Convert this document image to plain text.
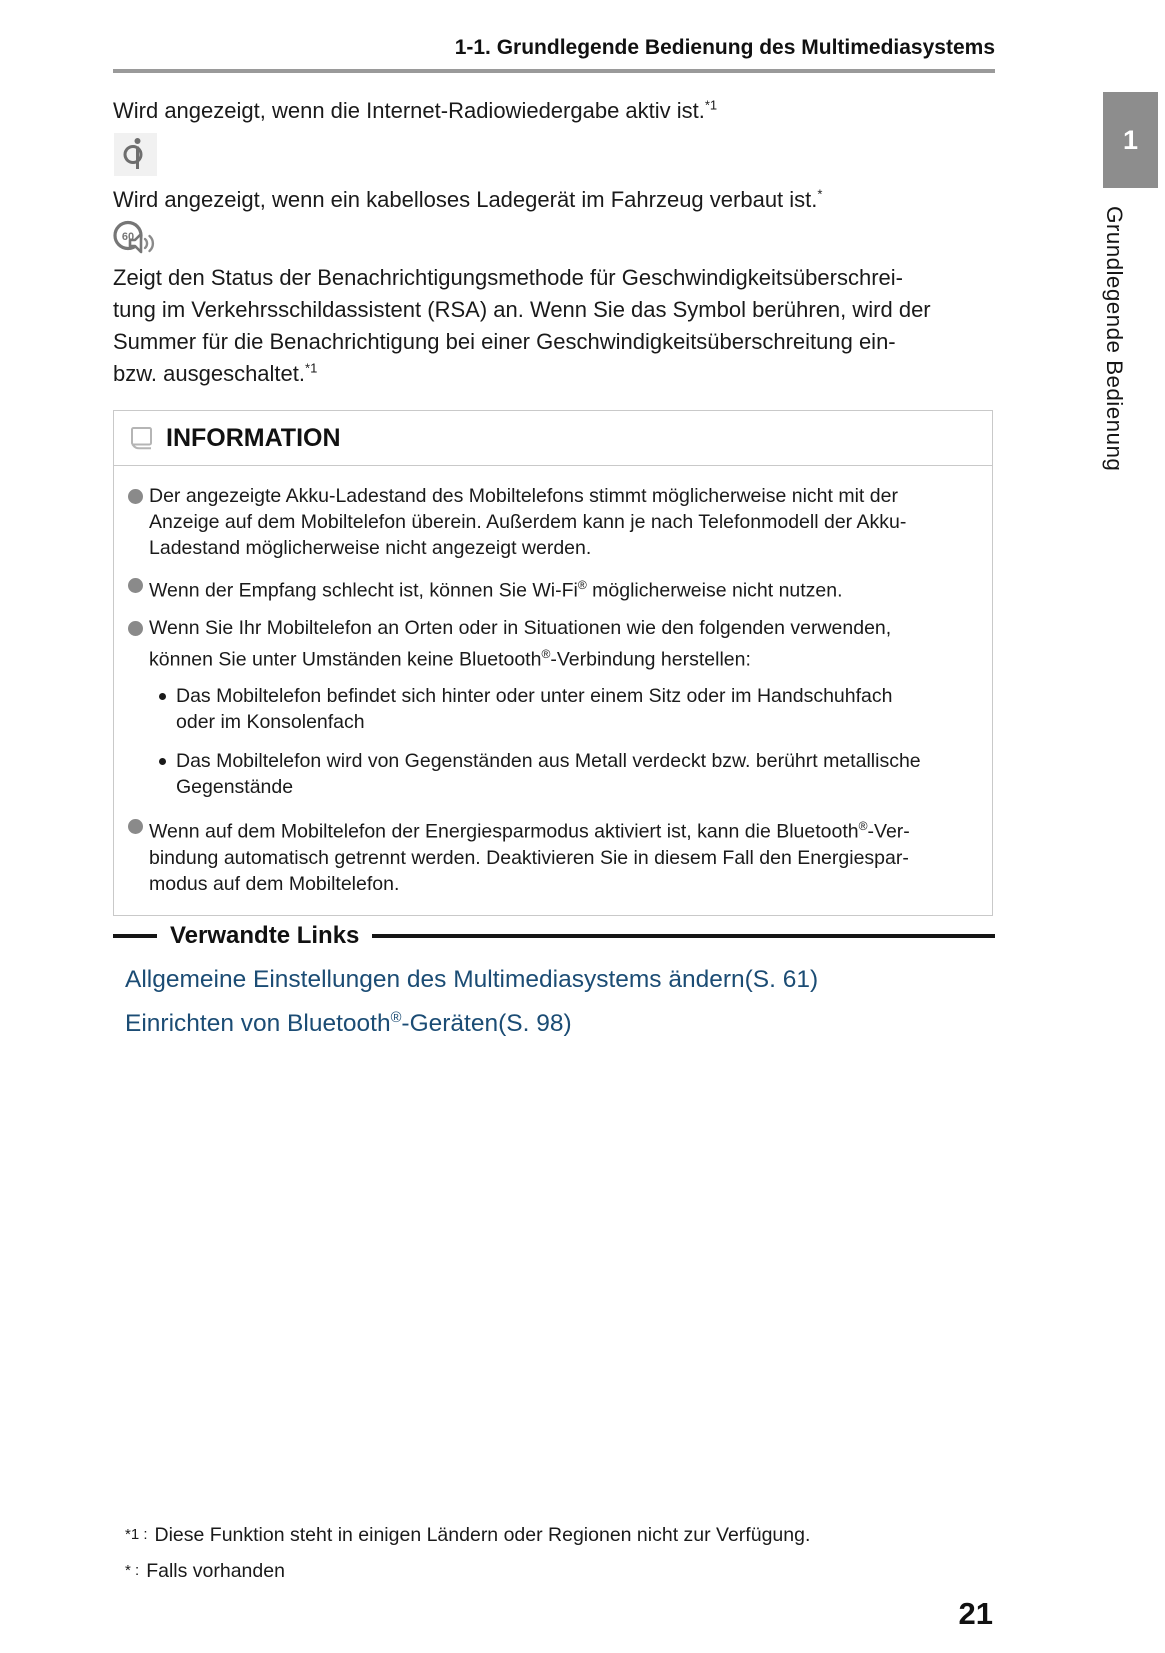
1-1. Grundlegende Bedienung des Multimediasystems
1
Grundlegende Bedienung
Wird angezeigt, wenn die Internet-Radiowiedergabe aktiv ist.$^{*1}$
Wird angezeigt, wenn ein kabelloses Ladegerät im Fahrzeug verbaut ist.*
60
Zeigt den Status der Benachrichtigungsmethode für Geschwindigkeitsüberschrei-
tung im Verkehrsschildassistent (RSA) an. Wenn Sie das Symbol berühren, wird der
Summer für die Benachrichtigung bei einer Geschwindigkeitsüberschreitung ein-
bzw. ausgeschaltet.$^{*1}$
INFORMATION
Der angezeigte Akku-Ladestand des Mobiltelefons stimmt möglicherweise nicht mit der
Anzeige auf dem Mobiltelefon überein. Außerdem kann je nach Telefonmodell der Akku-
Ladestand möglicherweise nicht angezeigt werden.
Wenn der Empfang schlecht ist, können Sie Wi-Fi® möglicherweise nicht nutzen.
Wenn Sie Ihr Mobiltelefon an Orten oder in Situationen wie den folgenden verwenden,
können Sie unter Umständen keine Bluetooth®-Verbindung herstellen:
Das Mobiltelefon befindet sich hinter oder unter einem Sitz oder im Handschuhfach
oder im Konsolenfach
Das Mobiltelefon wird von Gegenständen aus Metall verdeckt bzw. berührt metallische
Gegenstände
Wenn auf dem Mobiltelefon der Energiesparmodus aktiviert ist, kann die Bluetooth®-Ver-
bindung automatisch getrennt werden. Deaktivieren Sie in diesem Fall den Energiespar-
modus auf dem Mobiltelefon.
Verwandte Links
Allgemeine Einstellungen des Multimediasystems ändern(S. 61)
Einrichten von Bluetooth®-Geräten(S. 98)
*1 : Diese Funktion steht in einigen Ländern oder Regionen nicht zur Verfügung.
* : Falls vorhanden
21
